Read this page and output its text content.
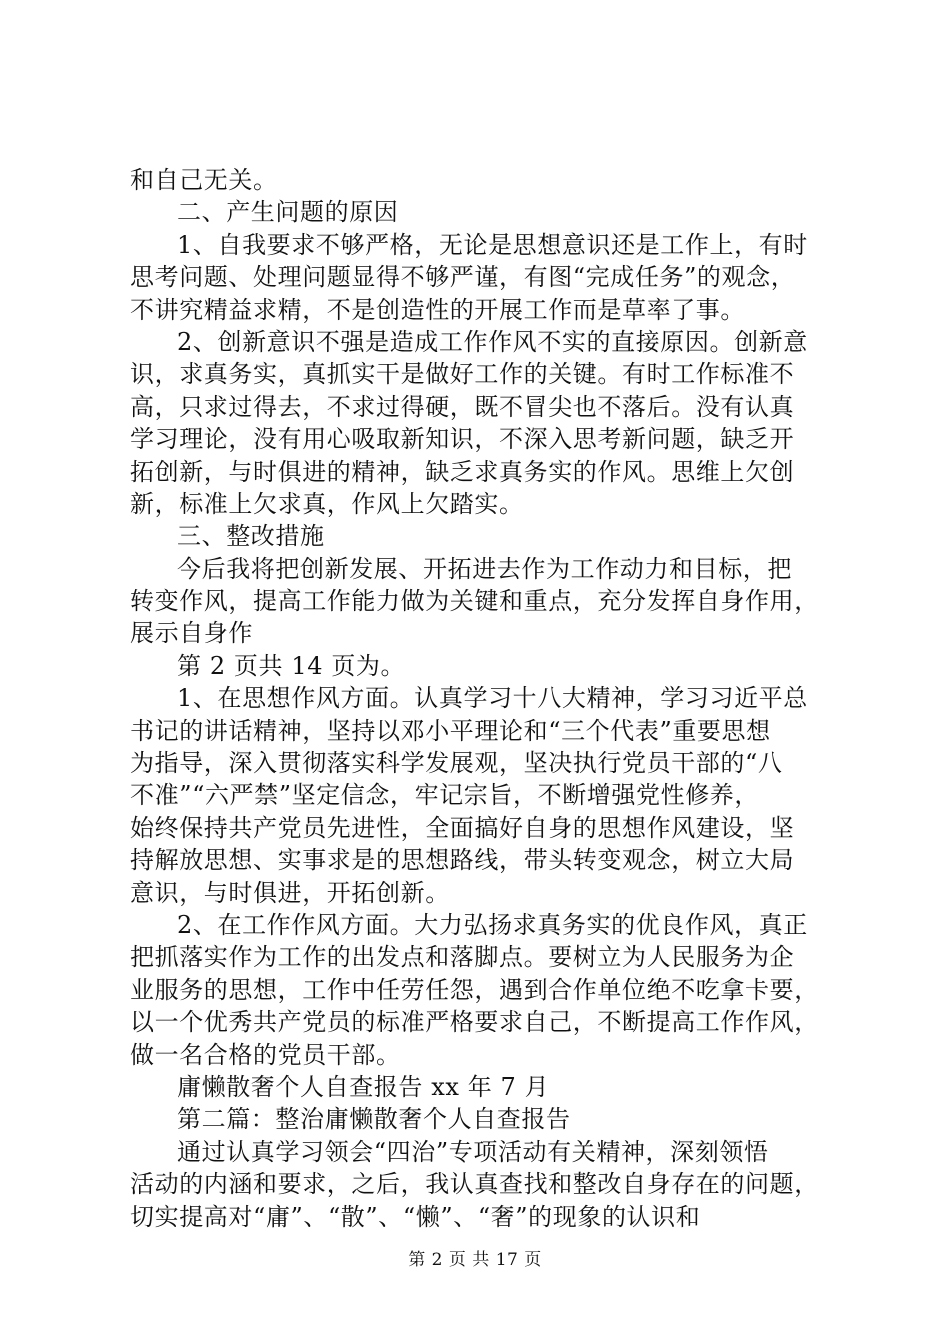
和自己无关。
二、产生问题的原因
1、自我要求不够严格，无论是思想意识还是工作上，有时
思考问题、处理问题显得不够严谨，有图“完成任务”的观念，
不讲究精益求精，不是创造性的开展工作而是草率了事。
2、创新意识不强是造成工作作风不实的直接原因。创新意
识，求真务实，真抓实干是做好工作的关键。有时工作标准不
高，只求过得去，不求过得硬，既不冒尖也不落后。没有认真
学习理论，没有用心吸取新知识，不深入思考新问题，缺乏开
拓创新，与时俱进的精神，缺乏求真务实的作风。思维上欠创
新，标准上欠求真，作风上欠踏实。
三、整改措施
今后我将把创新发展、开拓进去作为工作动力和目标，把
转变作风，提高工作能力做为关键和重点，充分发挥自身作用，
展示自身作
第 2 页共 14 页为。
1、在思想作风方面。认真学习十八大精神，学习习近平总
书记的讲话精神，坚持以邓小平理论和“三个代表”重要思想
为指导，深入贯彻落实科学发展观，坚决执行党员干部的“八
不准”“六严禁”坚定信念，牢记宗旨，不断增强党性修养，
始终保持共产党员先进性，全面搞好自身的思想作风建设，坚
持解放思想、实事求是的思想路线，带头转变观念，树立大局
意识，与时俱进，开拓创新。
2、在工作作风方面。大力弘扬求真务实的优良作风，真正
把抓落实作为工作的出发点和落脚点。要树立为人民服务为企
业服务的思想，工作中任劳任怨，遇到合作单位绝不吃拿卡要，
以一个优秀共产党员的标准严格要求自己，不断提高工作作风，
做一名合格的党员干部。
庸懒散奢个人自查报告 xx 年 7 月
第二篇：整治庸懒散奢个人自查报告
通过认真学习领会“四治”专项活动有关精神，深刻领悟
活动的内涵和要求，之后，我认真查找和整改自身存在的问题，
切实提高对“庸”、“散”、“懒”、“奢”的现象的认识和
第 2 页 共 17 页
